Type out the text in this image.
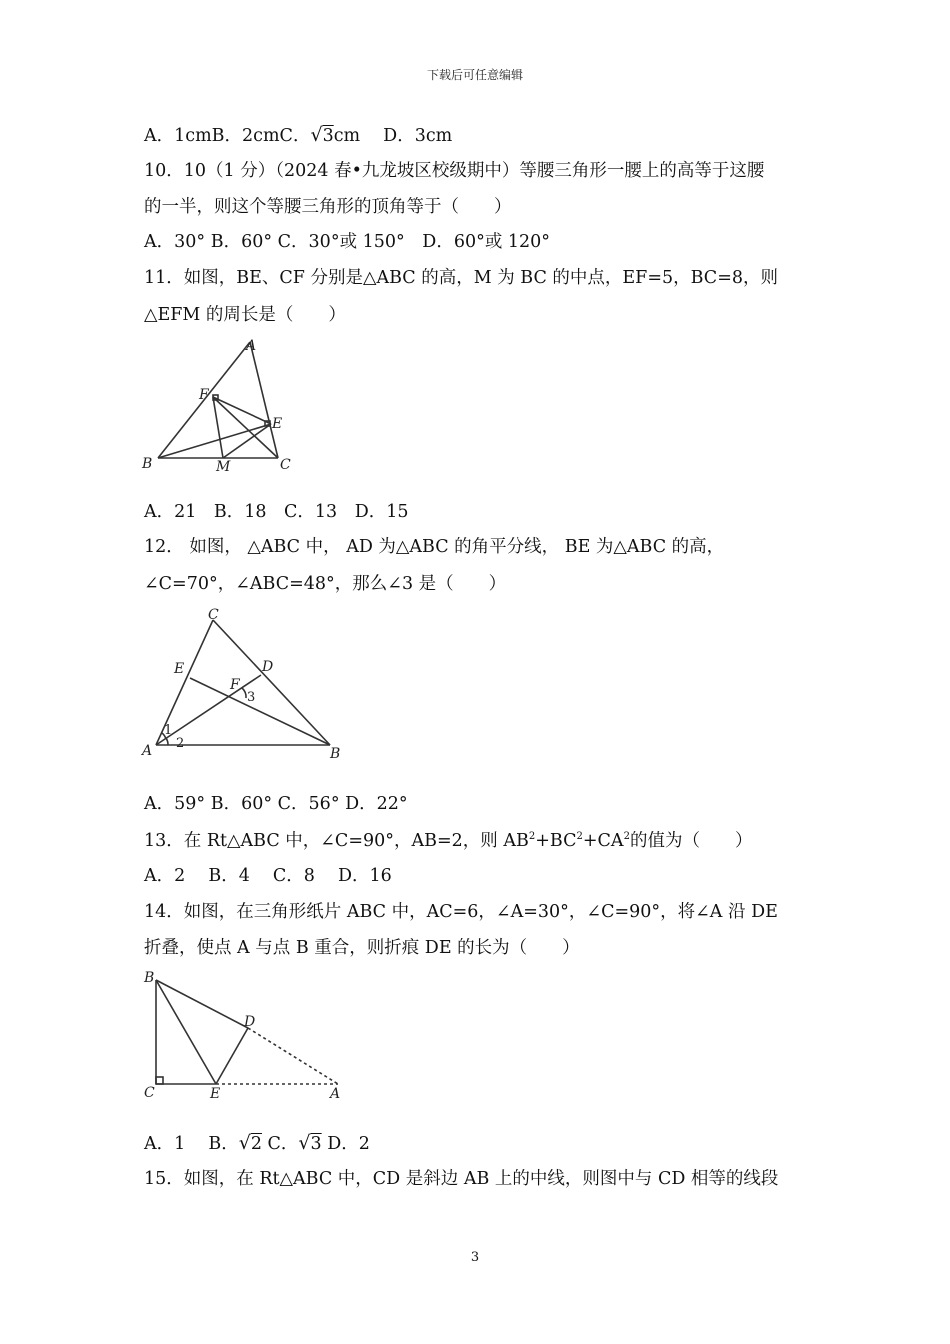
下载后可任意编辑
A．1cmB．2cmC．√3cm　 D．3cm
10．10（1 分）（2024 春•九龙坡区校级期中）等腰三角形一腰上的高等于这腰
的一半，则这个等腰三角形的顶角等于（　　）
A．30° B．60° C．30°或 150°　D．60°或 120°
11．如图，BE、CF 分别是△ABC 的高，M 为 BC 的中点，EF=5，BC=8，则
△EFM 的周长是（　　）
A
B	C
E
F
M
A．21　B．18　C．13　D．15
12． 如图， △ABC 中， AD 为△ABC 的角平分线， BE 为△ABC 的高，
∠C=70°，∠ABC=48°，那么∠3 是（　　）
C
E	D
F
3
1
2
A	B
A．59° B．60° C．56° D．22°
13．在 Rt△ABC 中，∠C=90°，AB=2，则 $AB^2+BC^2+CA^2$的值为（　　）
A．2　 B．4　 C．8　 D．16
14．如图，在三角形纸片 ABC 中，AC=6，∠A=30°，∠C=90°，将∠A 沿 DE
折叠，使点 A 与点 B 重合，则折痕 DE 的长为（　　）
B
D
C	E	A
A．1　 B．√2 C．√3 D．2
15．如图，在 Rt△ABC 中，CD 是斜边 AB 上的中线，则图中与 CD 相等的线段
3
